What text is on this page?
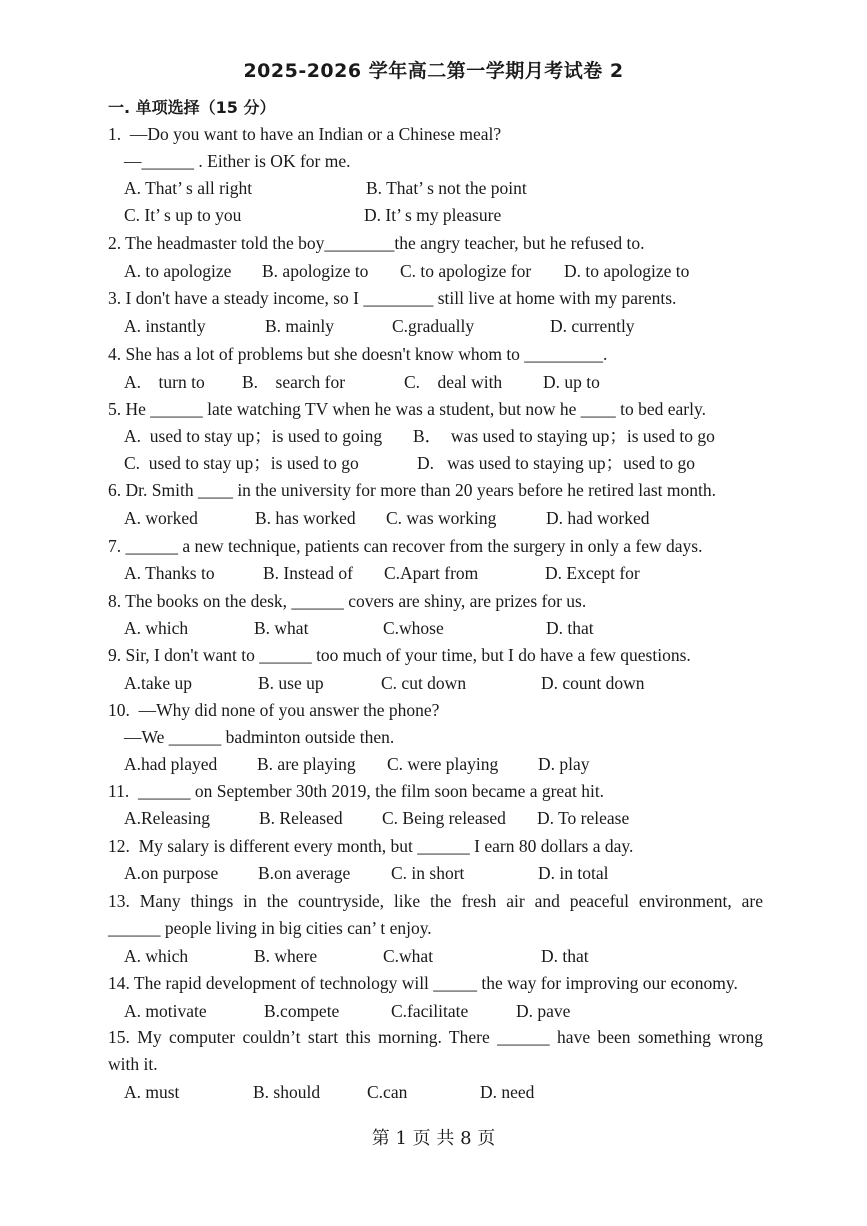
2025-2026 学年高二第一学期月考试卷 2
一. 单项选择（15 分）
1.  —Do you want to have an Indian or a Chinese meal?
—______ . Either is OK for me.
A. That’ s all right	B. That’ s not the point
C. It’ s up to you	D. It’ s my pleasure
2. The headmaster told the boy________the angry teacher, but he refused to.
A. to apologize B. apologize to C. to apologize for D. to apologize to
3. I don't have a steady income, so I ________ still live at home with my parents.
A. instantly	B. mainly	C.gradually	D. currently
4. She has a lot of problems but she doesn't know whom to _________.
A.    turn to B.    search for	C.    deal with D. up to
5. He ______ late watching TV when he was a student, but now he ____ to bed early.
A.  used to stay up；is used to going B．  was used to staying up；is used to go
C.  used to stay up；is used to go	D.   was used to staying up；used to go
6. Dr. Smith ____ in the university for more than 20 years before he retired last month.
A. worked	B. has worked C. was working	D. had worked
7. ______ a new technique, patients can recover from the surgery in only a few days.
A. Thanks to	B. Instead of C.Apart from	D. Except for
8. The books on the desk, ______ covers are shiny, are prizes for us.
A. which	B. what	C.whose	D. that
9. Sir, I don't want to ______ too much of your time, but I do have a few questions.
A.take up	B. use up	C. cut down	D. count down
10.  —Why did none of you answer the phone?
—We ______ badminton outside then.
A.had played B. are playing C. were playing D. play
11.  ______ on September 30th 2019, the film soon became a great hit.
A.Releasing	B. Released C. Being released D. To release
12.  My salary is different every month, but ______ I earn 80 dollars a day.
A.on purpose B.on average C. in short	D. in total
13. Many things in the countryside, like the fresh air and peaceful environment, are
______ people living in big cities can’ t enjoy.
A. which	B. where	C.what	D. that
14. The rapid development of technology will _____ the way for improving our economy.
A. motivate	B.compete	C.facilitate	D. pave
15. My computer couldn’t start this morning. There ______ have been something wrong
with it.
A. must	B. should	C.can	D. need
第 1 页 共 8 页
